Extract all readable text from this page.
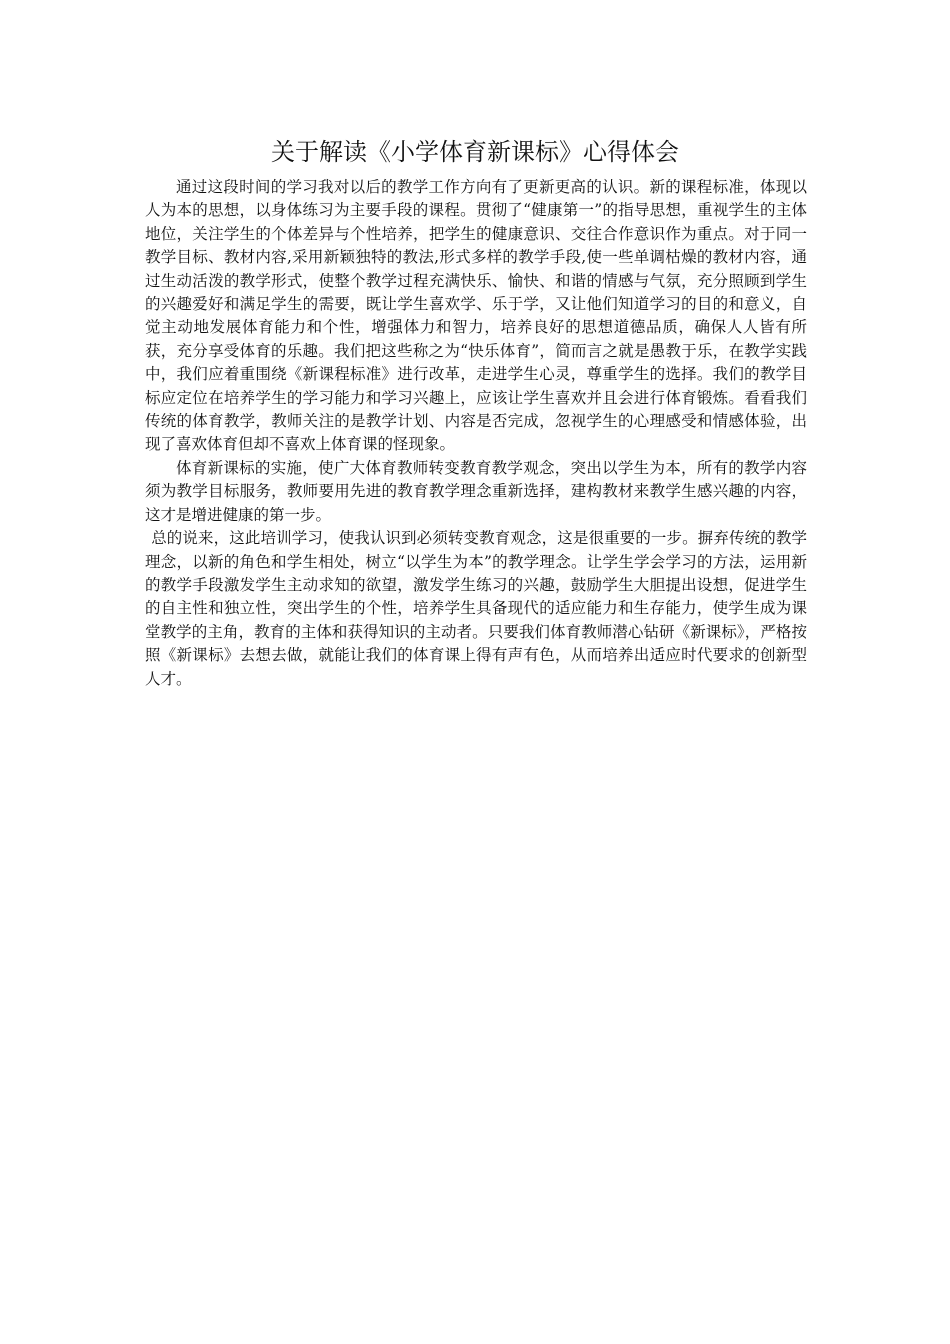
关于解读《小学体育新课标》心得体会

通过这段时间的学习我对以后的教学工作方向有了更新更高的认识。新的课程标准，体现以人为本的思想，以身体练习为主要手段的课程。贯彻了“健康第一”的指导思想，重视学生的主体地位，关注学生的个体差异与个性培养，把学生的健康意识、交往合作意识作为重点。对于同一教学目标、教材内容,采用新颖独特的教法,形式多样的教学手段,使一些单调枯燥的教材内容，通过生动活泼的教学形式，使整个教学过程充满快乐、愉快、和谐的情感与气氛，充分照顾到学生的兴趣爱好和满足学生的需要，既让学生喜欢学、乐于学，又让他们知道学习的目的和意义，自觉主动地发展体育能力和个性，增强体力和智力，培养良好的思想道德品质，确保人人皆有所获，充分享受体育的乐趣。我们把这些称之为“快乐体育”，简而言之就是愚教于乐，在教学实践中，我们应着重围绕《新课程标准》进行改革，走进学生心灵，尊重学生的选择。我们的教学目标应定位在培养学生的学习能力和学习兴趣上，应该让学生喜欢并且会进行体育锻炼。看看我们传统的体育教学，教师关注的是教学计划、内容是否完成，忽视学生的心理感受和情感体验，出现了喜欢体育但却不喜欢上体育课的怪现象。

体育新课标的实施，使广大体育教师转变教育教学观念，突出以学生为本，所有的教学内容须为教学目标服务，教师要用先进的教育教学理念重新选择，建构教材来教学生感兴趣的内容，这才是增进健康的第一步。

总的说来，这此培训学习，使我认识到必须转变教育观念，这是很重要的一步。摒弃传统的教学理念，以新的角色和学生相处，树立“以学生为本”的教学理念。让学生学会学习的方法，运用新的教学手段激发学生主动求知的欲望，激发学生练习的兴趣，鼓励学生大胆提出设想，促进学生的自主性和独立性，突出学生的个性，培养学生具备现代的适应能力和生存能力，使学生成为课堂教学的主角，教育的主体和获得知识的主动者。只要我们体育教师潜心钻研《新课标》，严格按照《新课标》去想去做，就能让我们的体育课上得有声有色，从而培养出适应时代要求的创新型人才。
